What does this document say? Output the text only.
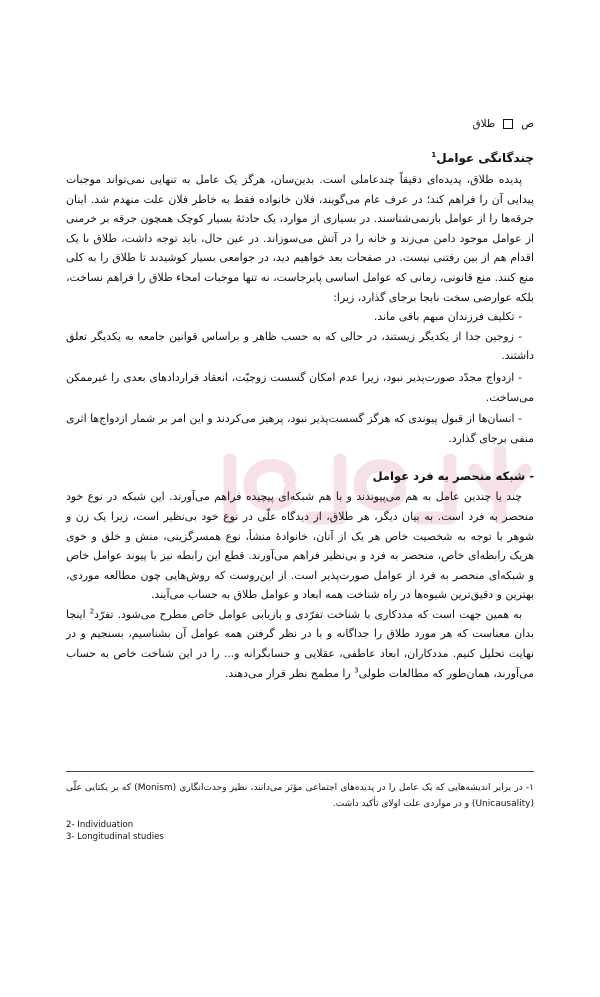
ص
طلاق
چندگانگی عوامل$^1$

پدیده طلاق، پدیده‌ای دقیقاً چندعاملی است. بدین‌سان، هرگز یک عامل به تنهایی نمی‌تواند موجبات پیدایی آن را فراهم کند؛ در عرف عام می‌گویند، فلان خانواده فقط به خاطر فلان علت منهدم شد. اینان جرقه‌ها را از عوامل بازنمی‌شناسند. در بسیاری از موارد، یک حادثهٔ بسیار کوچک همچون جرقه بر خرمنی از عوامل موجود دامن می‌زند و خانه را در آتش می‌سوزاند. در عین حال، باید توجه داشت، طلاق با یک اقدام هم از بین رفتنی نیست. در صفحات بعد خواهیم دید، در جوامعی بسیار کوشیدند تا طلاق را به کلی منع کنند. منع قانونی، زمانی که عوامل اساسی پابرجاست، نه تنها موجبات امحاء طلاق را فراهم نساخت، بلکه عوارضی سخت نابجا برجای گذارد، زیرا:

- تکلیف فرزندان مبهم باقی ماند.

- زوجین جدا از یکدیگر زیستند، در حالی که به حسب ظاهر و براساس قوانین جامعه به یکدیگر تعلق داشتند.

- ازدواج مجدّد صورت‌پذیر نبود، زیرا عدم امکان گسست زوجیّت، انعقاد قراردادهای بعدی را غیرممکن می‌ساخت.

- انسان‌ها از قبول پیوندی که هرگز گسست‌پذیر نبود، پرهیز می‌کردند و این امر بر شمار ازدواج‌ها اثری منفی برجای گذارد.

- شبکه منحصر به فرد عوامل

چند یا چندین عامل به هم می‌پیوندند و با هم شبکه‌ای پیچیده فراهم می‌آورند. این شبکه در نوع خود منحصر به فرد است. به بیان دیگر، هر طلاق، از دیدگاه علّی در نوع خود بی‌نظیر است، زیرا یک زن و شوهر با توجه به شخصیت خاص هر یک از آنان، خانوادهٔ منشأ، نوع همسرگزینی، منش و خلق و خوی هریک رابطه‌ای خاص، منحصر به فرد و بی‌نظیر فراهم می‌آورند. قطع این رابطه نیز با پیوند عوامل خاص و شبکه‌ای منحصر به فرد از عوامل صورت‌پذیر است. از این‌روست که روش‌هایی چون مطالعه موردی، بهترین و دقیق‌ترین شیوه‌ها در راه شناخت همه ابعاد و عوامل طلاق به حساب می‌آیند.

به همین جهت است که مددکاری با شناخت تفرّدی و بازیابی عوامل خاص مطرح می‌شود. تفرّد$^2$ اینجا بدان معناست که هر مورد طلاق را جداگانه و با در نظر گرفتن همه عوامل آن بشناسیم، بسنجیم و در نهایت تحلیل کنیم. مددکاران، ابعاد عاطفی، عقلایی و حسابگرانه و... را در این شناخت خاص به حساب می‌آورند، همان‌طور که مطالعات طولی$^3$ را مطمح نظر قرار می‌دهند.

۱- در برابر اندیشه‌هایی که یک عامل را در پدیده‌های اجتماعی مؤثر می‌دانند، نظیر وحدت‌انگاری (Monism) که بر یکتایی علّی (Unicausality) و در مواردی علت اولای تأکید داشت.
2- Individuation
3- Longitudinal studies
